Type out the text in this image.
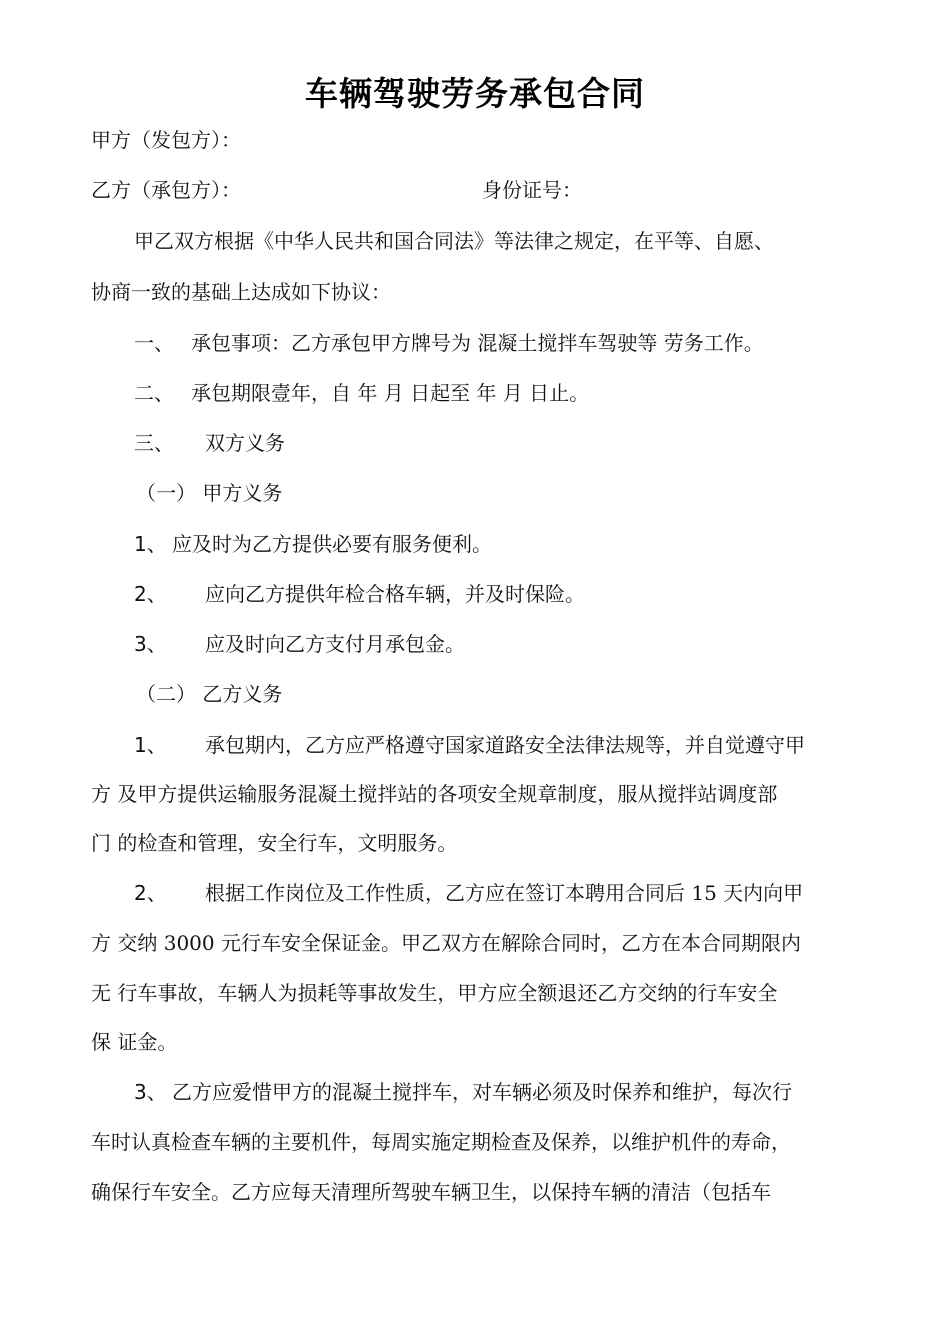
车辆驾驶劳务承包合同
甲方（发包方）：
乙方（承包方）：	身份证号：
甲乙双方根据《中华人民共和国合同法》等法律之规定，在平等、自愿、
协商一致的基础上达成如下协议：
一、 承包事项：乙方承包甲方牌号为 混凝土搅拌车驾驶等 劳务工作。
二、 承包期限壹年，自 年 月 日起至 年 月 日止。
三、 双方义务
（一） 甲方义务
1、 应及时为乙方提供必要有服务便利。
2、 应向乙方提供年检合格车辆，并及时保险。
3、 应及时向乙方支付月承包金。
（二） 乙方义务
1、 承包期内，乙方应严格遵守国家道路安全法律法规等，并自觉遵守甲
方 及甲方提供运输服务混凝土搅拌站的各项安全规章制度，服从搅拌站调度部
门 的检查和管理，安全行车，文明服务。
2、 根据工作岗位及工作性质，乙方应在签订本聘用合同后 15 天内向甲
方 交纳 3000 元行车安全保证金。甲乙双方在解除合同时，乙方在本合同期限内
无 行车事故，车辆人为损耗等事故发生，甲方应全额退还乙方交纳的行车安全
保 证金。
3、 乙方应爱惜甲方的混凝土搅拌车，对车辆必须及时保养和维护，每次行
车时认真检查车辆的主要机件，每周实施定期检查及保养，以维护机件的寿命，
确保行车安全。乙方应每天清理所驾驶车辆卫生，以保持车辆的清洁（包括车
